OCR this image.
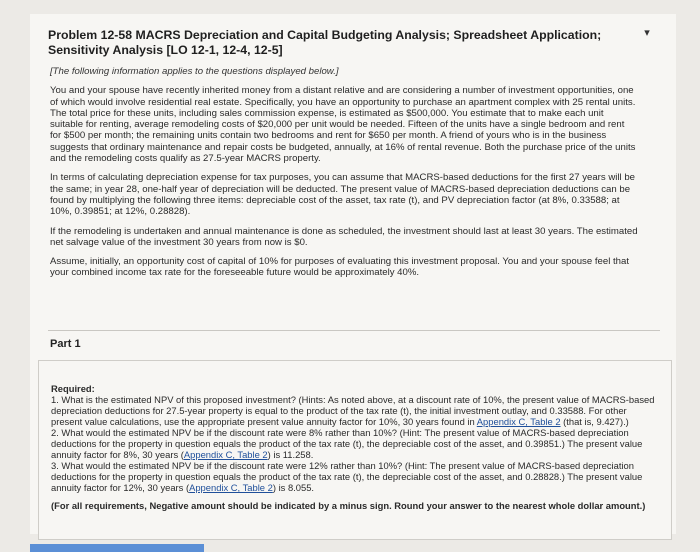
Problem 12-58 MACRS Depreciation and Capital Budgeting Analysis; Spreadsheet Application; Sensitivity Analysis [LO 12-1, 12-4, 12-5]
▾

[The following information applies to the questions displayed below.]

You and your spouse have recently inherited money from a distant relative and are considering a number of investment opportunities, one of which would involve residential real estate. Specifically, you have an opportunity to purchase an apartment complex with 25 rental units. The total price for these units, including sales commission expense, is estimated as $500,000. You estimate that to make each unit suitable for renting, average remodeling costs of $20,000 per unit would be needed. Fifteen of the units have a single bedroom and rent for $500 per month; the remaining units contain two bedrooms and rent for $650 per month. A friend of yours who is in the business suggests that ordinary maintenance and repair costs be budgeted, annually, at 16% of rental revenue. Both the purchase price of the units and the remodeling costs qualify as 27.5-year MACRS property.

In terms of calculating depreciation expense for tax purposes, you can assume that MACRS-based deductions for the first 27 years will be the same; in year 28, one-half year of depreciation will be deducted. The present value of MACRS-based depreciation deductions can be found by multiplying the following three items: depreciable cost of the asset, tax rate (t), and PV depreciation factor (at 8%, 0.33588; at 10%, 0.39851; at 12%, 0.28828).

If the remodeling is undertaken and annual maintenance is done as scheduled, the investment should last at least 30 years. The estimated net salvage value of the investment 30 years from now is $0.

Assume, initially, an opportunity cost of capital of 10% for purposes of evaluating this investment proposal. You and your spouse feel that your combined income tax rate for the foreseeable future would be approximately 40%.

Part 1

Required:

1. What is the estimated NPV of this proposed investment? (Hints: As noted above, at a discount rate of 10%, the present value of MACRS-based depreciation deductions for 27.5-year property is equal to the product of the tax rate (t), the initial investment outlay, and 0.33588. For other present value calculations, use the appropriate present value annuity factor for 10%, 30 years found in Appendix C, Table 2 (that is, 9.427).)

2. What would the estimated NPV be if the discount rate were 8% rather than 10%? (Hint: The present value of MACRS-based depreciation deductions for the property in question equals the product of the tax rate (t), the depreciable cost of the asset, and 0.39851.) The present value annuity factor for 8%, 30 years (Appendix C, Table 2) is 11.258.

3. What would the estimated NPV be if the discount rate were 12% rather than 10%? (Hint: The present value of MACRS-based depreciation deductions for the property in question equals the product of the tax rate (t), the depreciable cost of the asset, and 0.28828.) The present value annuity factor for 12%, 30 years (Appendix C, Table 2) is 8.055.

(For all requirements, Negative amount should be indicated by a minus sign. Round your answer to the nearest whole dollar amount.)
